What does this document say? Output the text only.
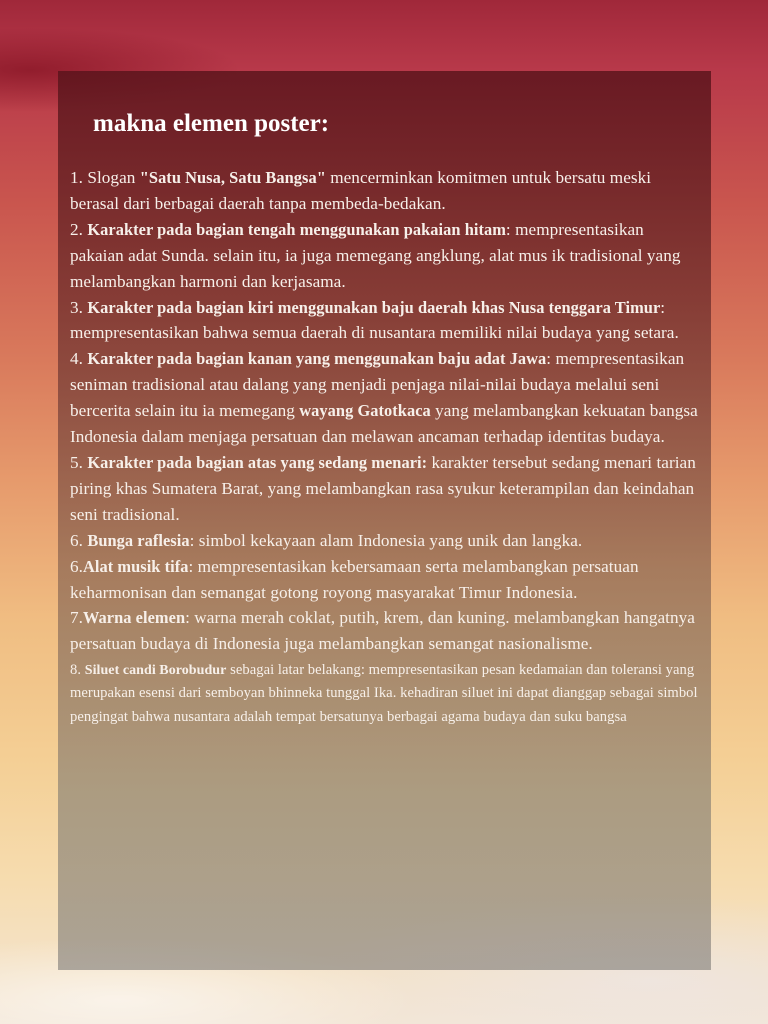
makna elemen poster:

1. Slogan "Satu Nusa, Satu Bangsa" mencerminkan komitmen untuk bersatu meski berasal dari berbagai daerah tanpa membeda-bedakan.

2. Karakter pada bagian tengah menggunakan pakaian hitam: mempresentasikan pakaian adat Sunda. selain itu, ia juga memegang angklung, alat mus ik tradisional yang melambangkan harmoni dan kerjasama.

3. Karakter pada bagian kiri menggunakan baju daerah khas Nusa tenggara Timur: mempresentasikan bahwa semua daerah di nusantara memiliki nilai budaya yang setara.

4. Karakter pada bagian kanan yang menggunakan baju adat Jawa: mempresentasikan seniman tradisional atau dalang yang menjadi penjaga nilai-nilai budaya melalui seni bercerita selain itu ia memegang wayang Gatotkaca yang melambangkan kekuatan bangsa Indonesia dalam menjaga persatuan dan melawan ancaman terhadap identitas budaya.

5. Karakter pada bagian atas yang sedang menari: karakter tersebut sedang menari tarian piring khas Sumatera Barat, yang melambangkan rasa syukur keterampilan dan keindahan seni tradisional.

6. Bunga raflesia: simbol kekayaan alam Indonesia yang unik dan langka.

6.Alat musik tifa: mempresentasikan kebersamaan serta melambangkan persatuan keharmonisan dan semangat gotong royong masyarakat Timur Indonesia.

7.Warna elemen: warna merah coklat, putih, krem, dan kuning. melambangkan hangatnya persatuan budaya di Indonesia juga melambangkan semangat nasionalisme.

8. Siluet candi Borobudur sebagai latar belakang: mempresentasikan pesan kedamaian dan toleransi yang merupakan esensi dari semboyan bhinneka tunggal Ika. kehadiran siluet ini dapat dianggap sebagai simbol pengingat bahwa nusantara adalah tempat bersatunya berbagai agama budaya dan suku bangsa
